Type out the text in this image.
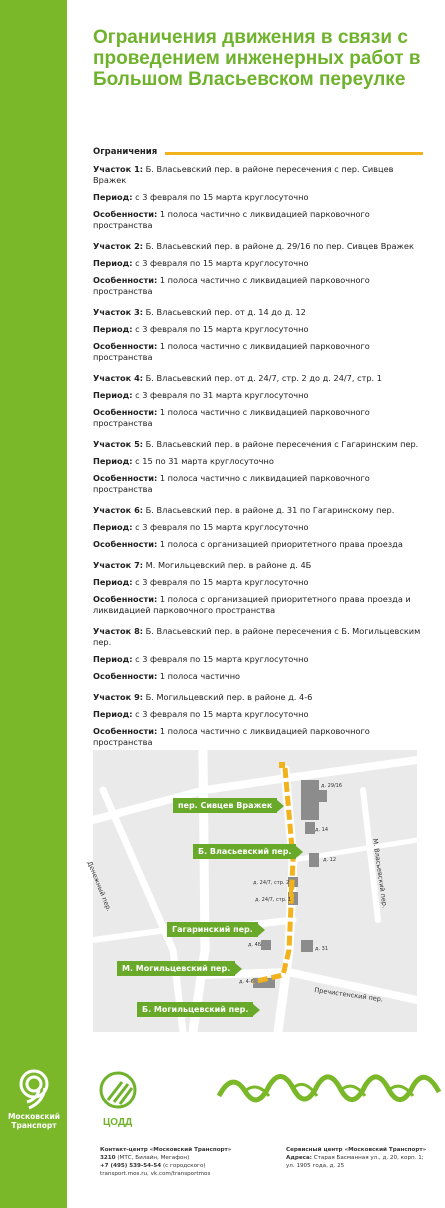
Московский
Транспорт
Ограничения движения в связи с проведением инженерных работ в Большом Власьевском переулке
Ограничения

Участок 1: Б. Власьевский пер. в районе пересечения с пер. Сивцев Вражек

Период: с 3 февраля по 15 марта круглосуточно

Особенности: 1 полоса частично с ликвидацией парковочного пространства

Участок 2: Б. Власьевский пер. в районе д. 29/16 по пер. Сивцев Вражек

Период: с 3 февраля по 15 марта круглосуточно

Особенности: 1 полоса частично с ликвидацией парковочного пространства

Участок 3: Б. Власьевский пер. от д. 14 до д. 12

Период: с 3 февраля по 15 марта круглосуточно

Особенности: 1 полоса частично с ликвидацией парковочного пространства

Участок 4: Б. Власьевский пер. от д. 24/7, стр. 2 до д. 24/7, стр. 1

Период: с 3 февраля по 31 марта круглосуточно

Особенности: 1 полоса частично с ликвидацией парковочного пространства

Участок 5: Б. Власьевский пер. в районе пересечения с Гагаринским пер.

Период: с 15 по 31 марта круглосуточно

Особенности: 1 полоса частично с ликвидацией парковочного пространства

Участок 6: Б. Власьевский пер. в районе д. 31 по Гагаринскому пер.

Период: с 3 февраля по 15 марта круглосуточно

Особенности: 1 полоса с организацией приоритетного права проезда

Участок 7: М. Могильцевский пер. в районе д. 4Б

Период: с 3 февраля по 15 марта круглосуточно

Особенности: 1 полоса с организацией приоритетного права проезда и ликвидацией парковочного пространства

Участок 8: Б. Власьевский пер. в районе пересечения с Б. Могильцевским пер.

Период: с 3 февраля по 15 марта круглосуточно

Особенности: 1 полоса частично

Участок 9: Б. Могильцевский пер. в районе д. 4-6

Период: с 3 февраля по 15 марта круглосуточно

Особенности: 1 полоса частично с ликвидацией парковочного пространства

пер. Сивцев Вражек
Б. Власьевский пер.
Гагаринский пер.
М. Могильцевский пер.
Б. Могильцевский пер.
д. 29/16
д. 14
д. 12
д. 24/7, стр. 2
д. 24/7, стр. 1
д. 4Б
д. 31
д. 4-6
Денежный пер.	М. Власьевский пер.
Пречистенский пер.
ЦОДД
Контакт-центр «Московский Транспорт»
3210 (МТС, Билайн, Мегафон)
+7 (495) 539-54-54 (с городского)
transport.mos.ru, vk.com/transportmos
Сервисный центр «Московский Транспорт»
Адреса: Старая Басманная ул., д. 20, корп. 1;
ул. 1905 года, д. 25
